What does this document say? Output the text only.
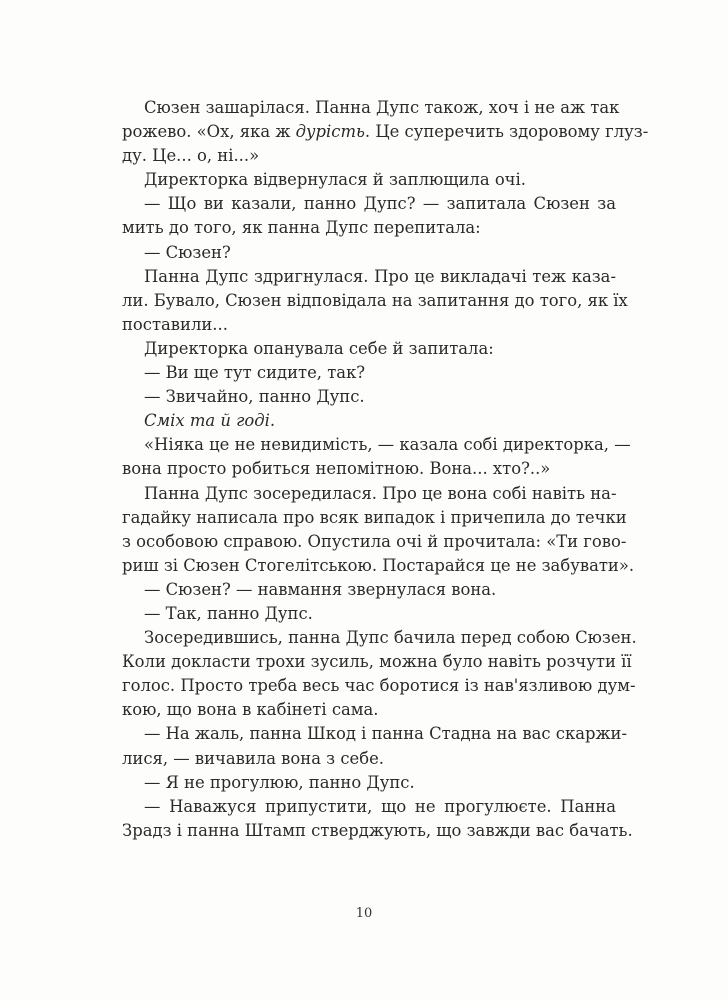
Сюзен зашарілася. Панна Дупс також, хоч і не аж так
рожево. «Ох, яка ж дурість. Це суперечить здоровому глуз-
ду. Це... о, ні...»
Директорка відвернулася й заплющила очі.
— Що ви казали, панно Дупс? — запитала Сюзен за
мить до того, як панна Дупс перепитала:
— Сюзен?
Панна Дупс здригнулася. Про це викладачі теж каза-
ли. Бувало, Сюзен відповідала на запитання до того, як їх
поставили...
Директорка опанувала себе й запитала:
— Ви ще тут сидите, так?
— Звичайно, панно Дупс.
Сміх та й годі.
«Ніяка це не невидимість, — казала собі директорка, —
вона просто робиться непомітною. Вона... хто?..»
Панна Дупс зосередилася. Про це вона собі навіть на-
гадайку написала про всяк випадок і причепила до течки
з особовою справою. Опустила очі й прочитала: «Ти гово-
риш зі Сюзен Стогелітською. Постарайся це не забувати».
— Сюзен? — навмання звернулася вона.
— Так, панно Дупс.
Зосередившись, панна Дупс бачила перед собою Сюзен.
Коли докласти трохи зусиль, можна було навіть розчути її
голос. Просто треба весь час боротися із нав'язливою дум-
кою, що вона в кабінеті сама.
— На жаль, панна Шкод і панна Стадна на вас скаржи-
лися, — вичавила вона з себе.
— Я не прогулюю, панно Дупс.
— Наважуся припустити, що не прогулюєте. Панна
Зрадз і панна Штамп стверджують, що завжди вас бачать.
10
